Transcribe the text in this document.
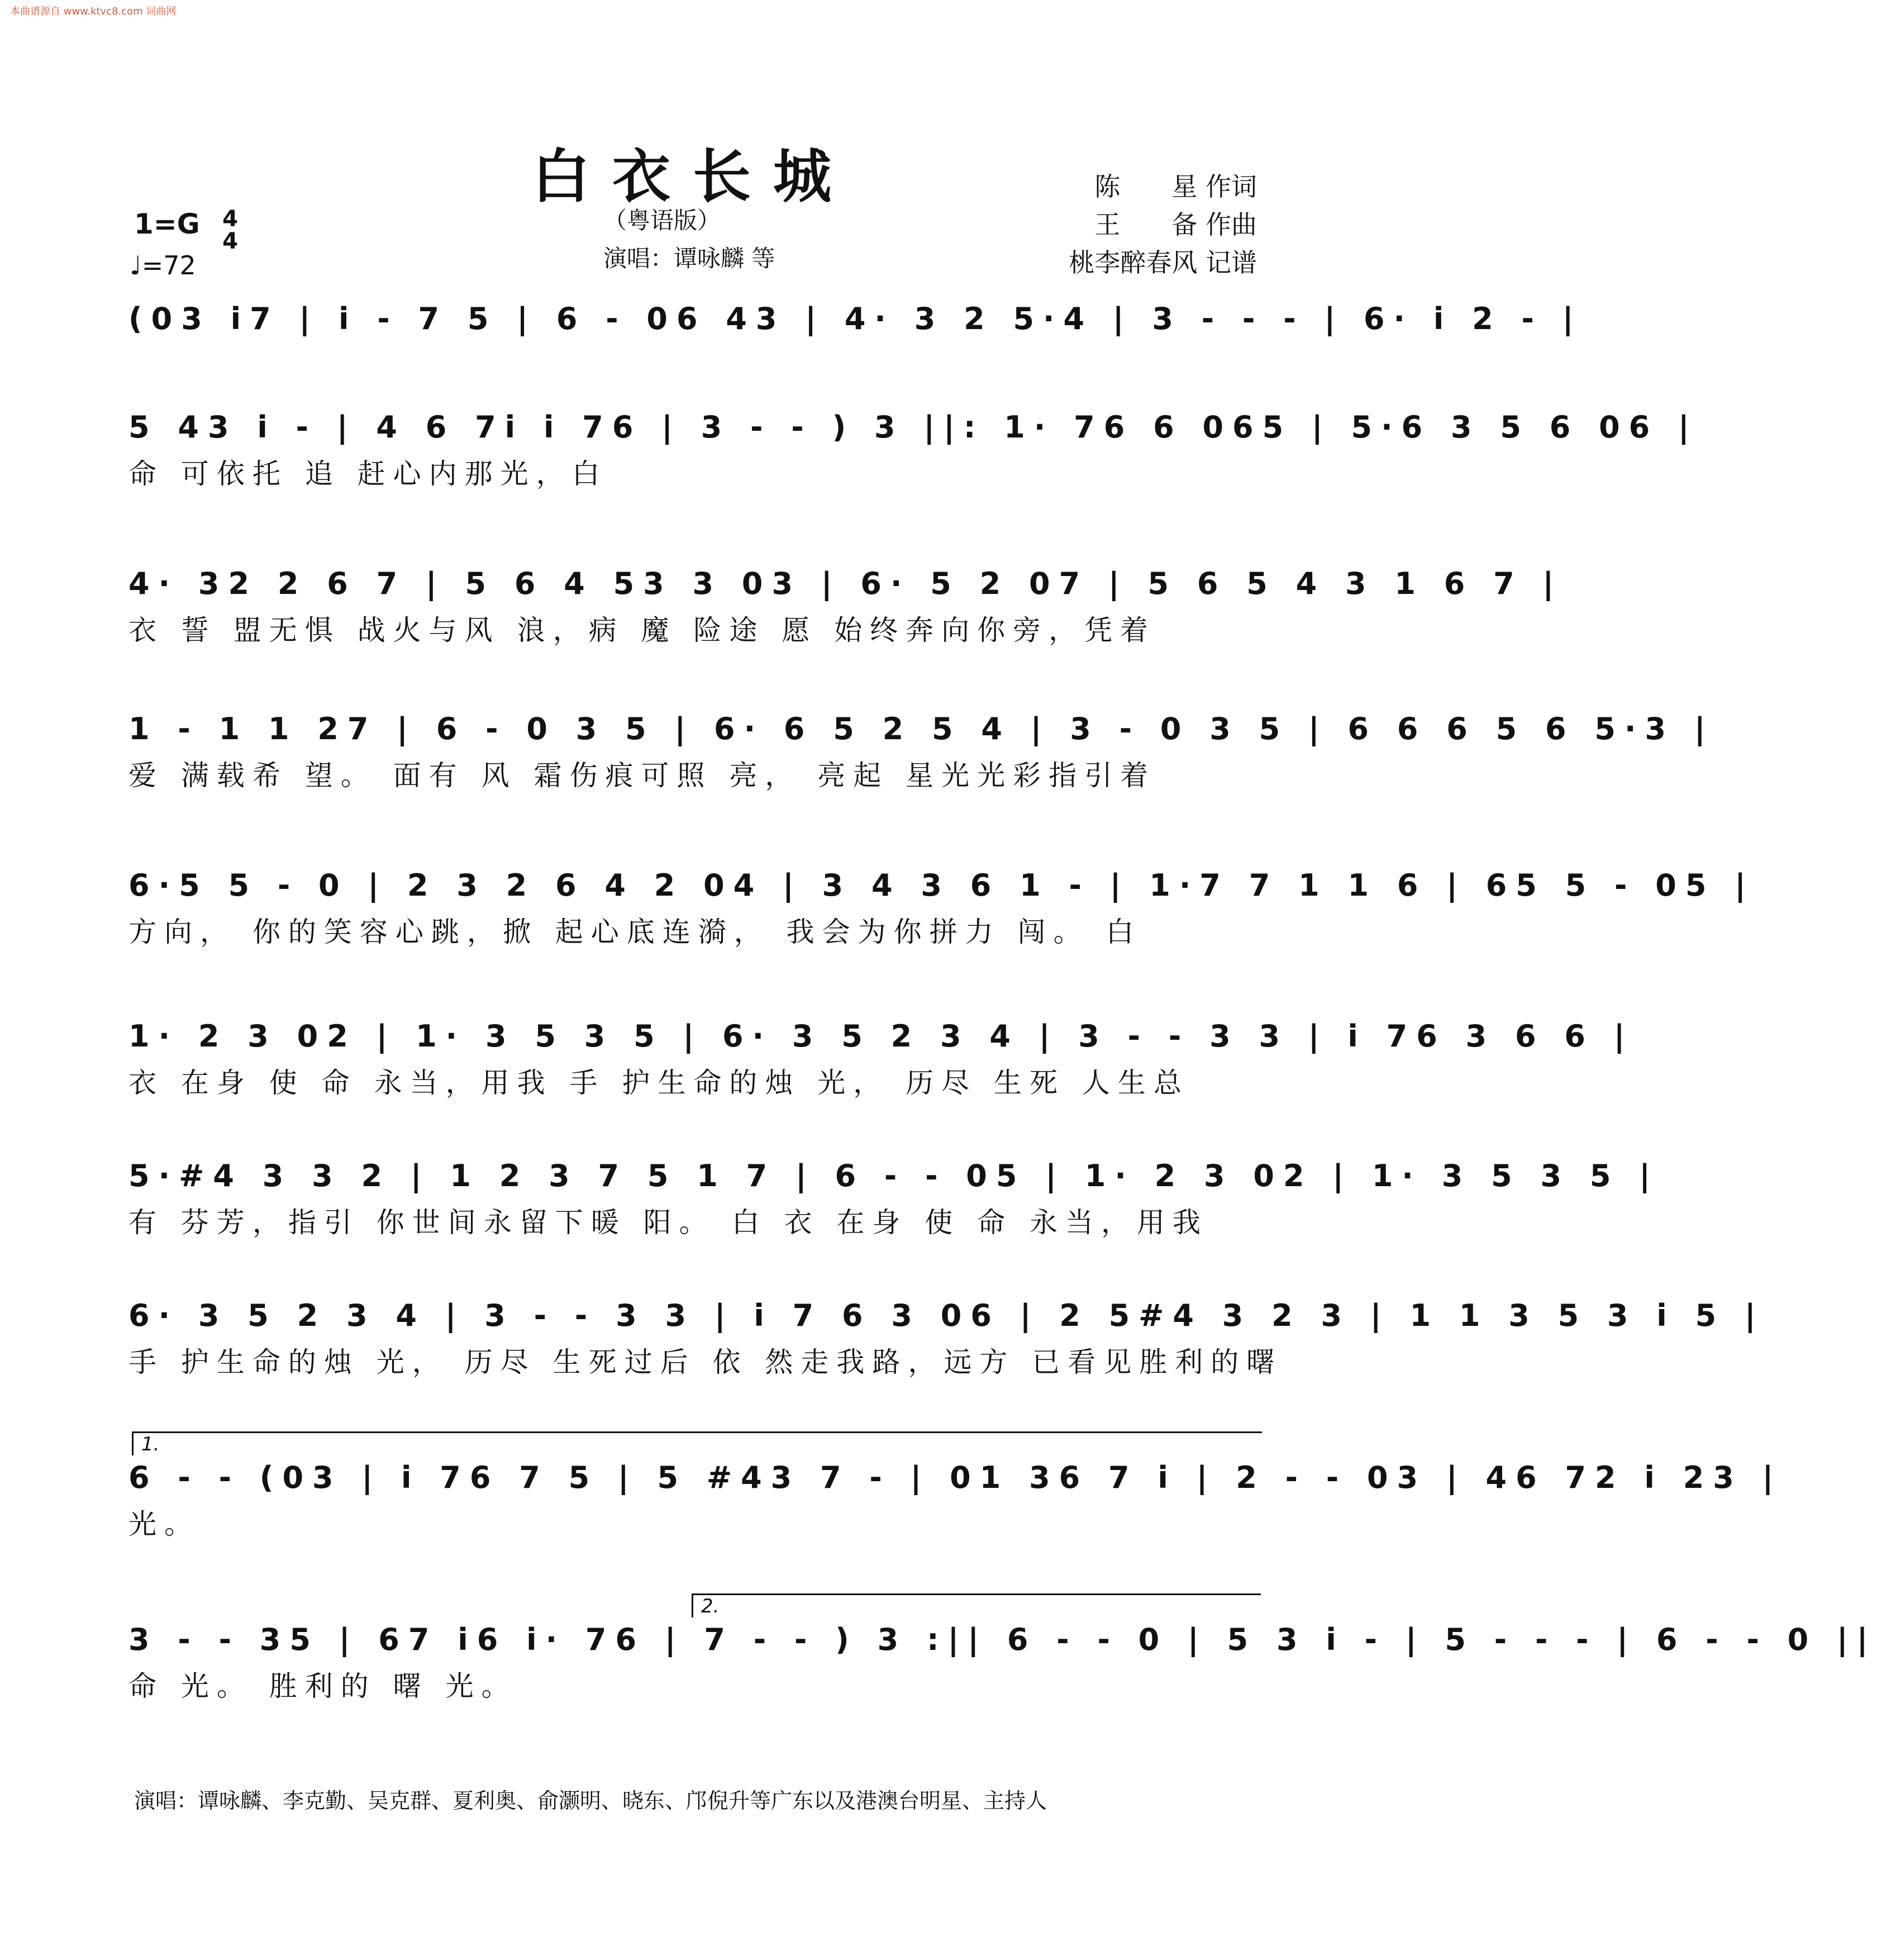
本曲谱源自 www.ktvc8.com 词曲网
白衣长城
（粤语版）
演唱：谭咏麟 等
1=G 4
4
♩=72
陈　　星 作词
王　　备 作曲
桃李醉春风 记谱
(03 i7 | i - 7 5 | 6 - 06 43 | 4· 3 2 5·4 | 3 - - - | 6· i 2 - |
5 43 i - | 4 6 7i i 76 | 3 - - ) 3 ||: 1· 76 6 065 | 5·6 3 5 6 06 |
命 可依托 追 赶心内那光，白
4· 32 2 6 7 | 5 6 4 53 3 03 | 6· 5 2 07 | 5 6 5 4 3 1 6 7 |
衣 誓 盟无惧 战火与风 浪，病 魔 险途 愿 始终奔向你旁，凭着
1 - 1 1 27 | 6 - 0 3 5 | 6· 6 5 2 5 4 | 3 - 0 3 5 | 6 6 6 5 6 5·3 |
爱 满载希 望。 面有 风 霜伤痕可照 亮， 亮起 星光光彩指引着
6·5 5 - 0 | 2 3 2 6 4 2 04 | 3 4 3 6 1 - | 1·7 7 1 1 6 | 65 5 - 05 |
方向， 你的笑容心跳，掀 起心底连漪， 我会为你拼力 闯。 白
1· 2 3 02 | 1· 3 5 3 5 | 6· 3 5 2 3 4 | 3 - - 3 3 | i 76 3 6 6 |
衣 在身 使 命 永当，用我 手 护生命的烛 光， 历尽 生死 人生总
5·#4 3 3 2 | 1 2 3 7 5 1 7 | 6 - - 05 | 1· 2 3 02 | 1· 3 5 3 5 |
有 芬芳，指引 你世间永留下暖 阳。 白 衣 在身 使 命 永当，用我
6· 3 5 2 3 4 | 3 - - 3 3 | i 7 6 3 06 | 2 5#4 3 2 3 | 1 1 3 5 3 i 5 |
手 护生命的烛 光， 历尽 生死过后 依 然走我路，远方 已看见胜利的曙
1.
6 - - (03 | i 76 7 5 | 5 #43 7 - | 01 36 7 i | 2 - - 03 | 46 72 i 23 |
光。
2.
3 - - 35 | 67 i6 i· 76 | 7 - - ) 3 :|| 6 - - 0 | 5 3 i - | 5 - - - | 6 - - 0 ||
命 光。 胜利的 曙 光。
演唱：谭咏麟、李克勤、吴克群、夏利奥、俞灏明、晓东、邝倪升等广东以及港澳台明星、主持人
